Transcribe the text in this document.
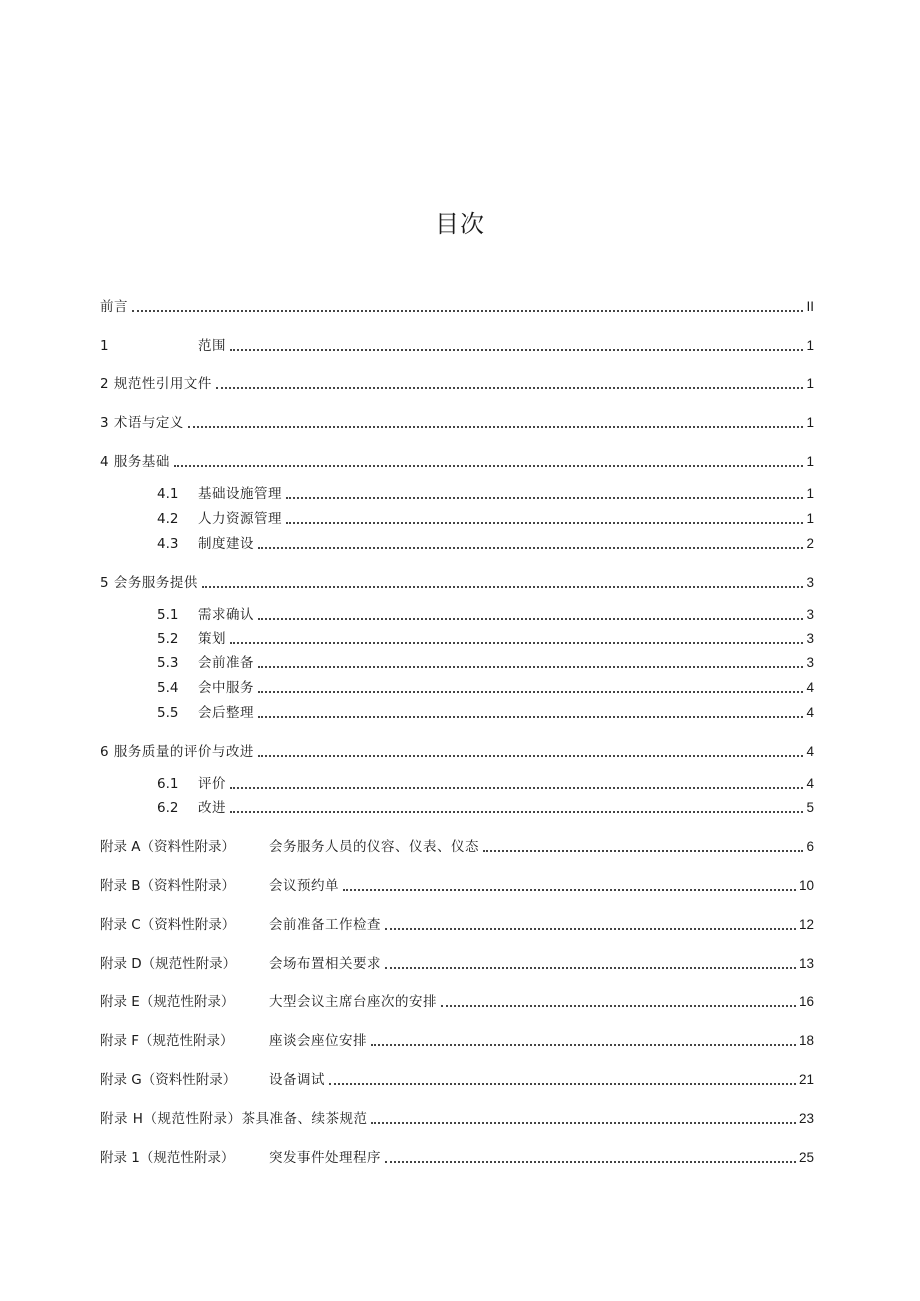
目次
前言	II
1	范围	1
2 规范性引用文件	1
3 术语与定义	1
4 服务基础	1
4.1	基础设施管理	1
4.2	人力资源管理	1
4.3	制度建设	2
5 会务服务提供	3
5.1	需求确认	3
5.2	策划	3
5.3	会前准备	3
5.4	会中服务	4
5.5	会后整理	4
6 服务质量的评价与改进	4
6.1	评价	4
6.2	改进	5
附录 A（资料性附录）	会务服务人员的仪容、仪表、仪态	6
附录 B（资料性附录）	会议预约单	10
附录 C（资料性附录）	会前准备工作检查	12
附录 D（规范性附录）	会场布置相关要求	13
附录 E（规范性附录）	大型会议主席台座次的安排	16
附录 F（规范性附录）	座谈会座位安排	18
附录 G（资料性附录）	设备调试	21
附录 H（规范性附录）茶具准备、续茶规范	23
附录 1（规范性附录）	突发事件处理程序	25
